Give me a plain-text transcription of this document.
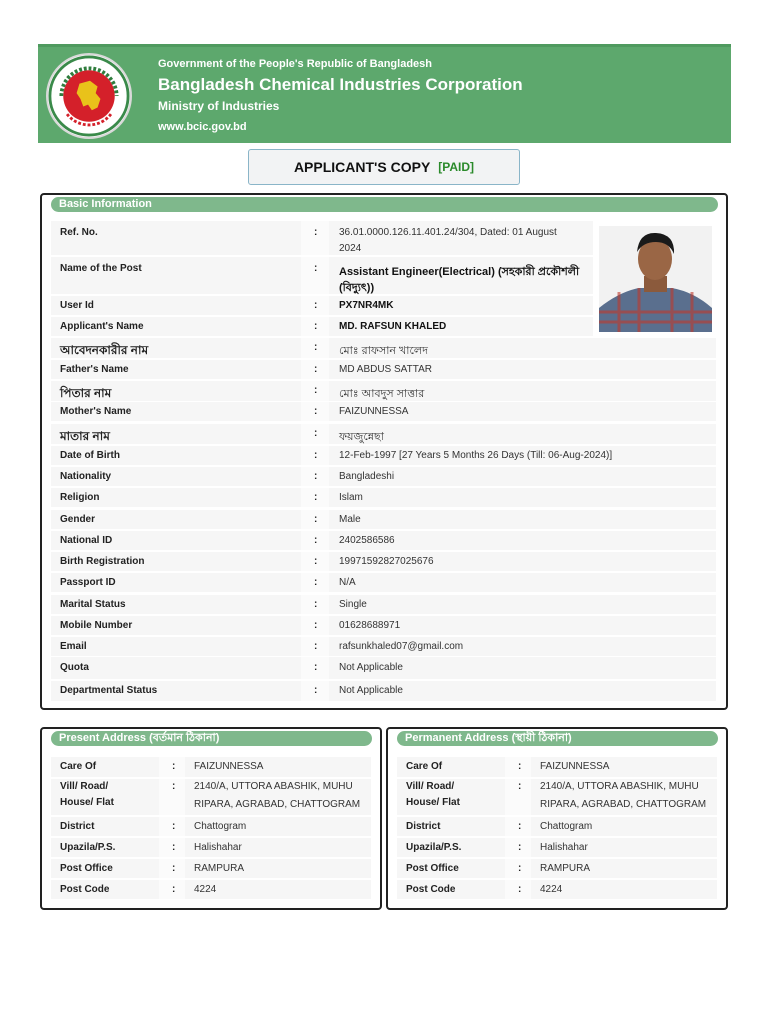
Government of the People's Republic of Bangladesh
Bangladesh Chemical Industries Corporation
Ministry of Industries
www.bcic.gov.bd
APPLICANT'S COPY [PAID]
Basic Information
Ref. No.	: 36.01.0000.126.11.401.24/304, Dated: 01 August
2024
Name of the Post	: Assistant Engineer(Electrical) (সহকারী প্রকৌশলী
(বিদ্যুৎ))
User Id	: PX7NR4MK
Applicant's Name	: MD. RAFSUN KHALED
আবেদনকারীর নাম	: মোঃ রাফসান খালেদ
Father's Name	: MD ABDUS SATTAR
পিতার নাম	: মোঃ আবদুস সাত্তার
Mother's Name	: FAIZUNNESSA
মাতার নাম	: ফয়জুন্নেছা
Date of Birth	: 12-Feb-1997 [27 Years 5 Months 26 Days (Till: 06-Aug-2024)]
Nationality	: Bangladeshi
Religion	: Islam
Gender	: Male
National ID	: 2402586586
Birth Registration	: 19971592827025676
Passport ID	: N/A
Marital Status	: Single
Mobile Number	: 01628688971
Email	: rafsunkhaled07@gmail.com
Quota	: Not Applicable
Departmental Status	: Not Applicable
Present Address (বর্তমান ঠিকানা)	Permanent Address (স্থায়ী ঠিকানা)
Care Of	: FAIZUNNESSA
Vill/ Road/
House/ Flat
: 2140/A, UTTORA ABASHIK, MUHU
RIPARA, AGRABAD, CHATTOGRAM
District	: Chattogram
Upazila/P.S.	: Halishahar
Post Office	: RAMPURA
Post Code	: 4224
Care Of	: FAIZUNNESSA
Vill/ Road/
House/ Flat
: 2140/A, UTTORA ABASHIK, MUHU
RIPARA, AGRABAD, CHATTOGRAM
District	: Chattogram
Upazila/P.S.	: Halishahar
Post Office	: RAMPURA
Post Code	: 4224
